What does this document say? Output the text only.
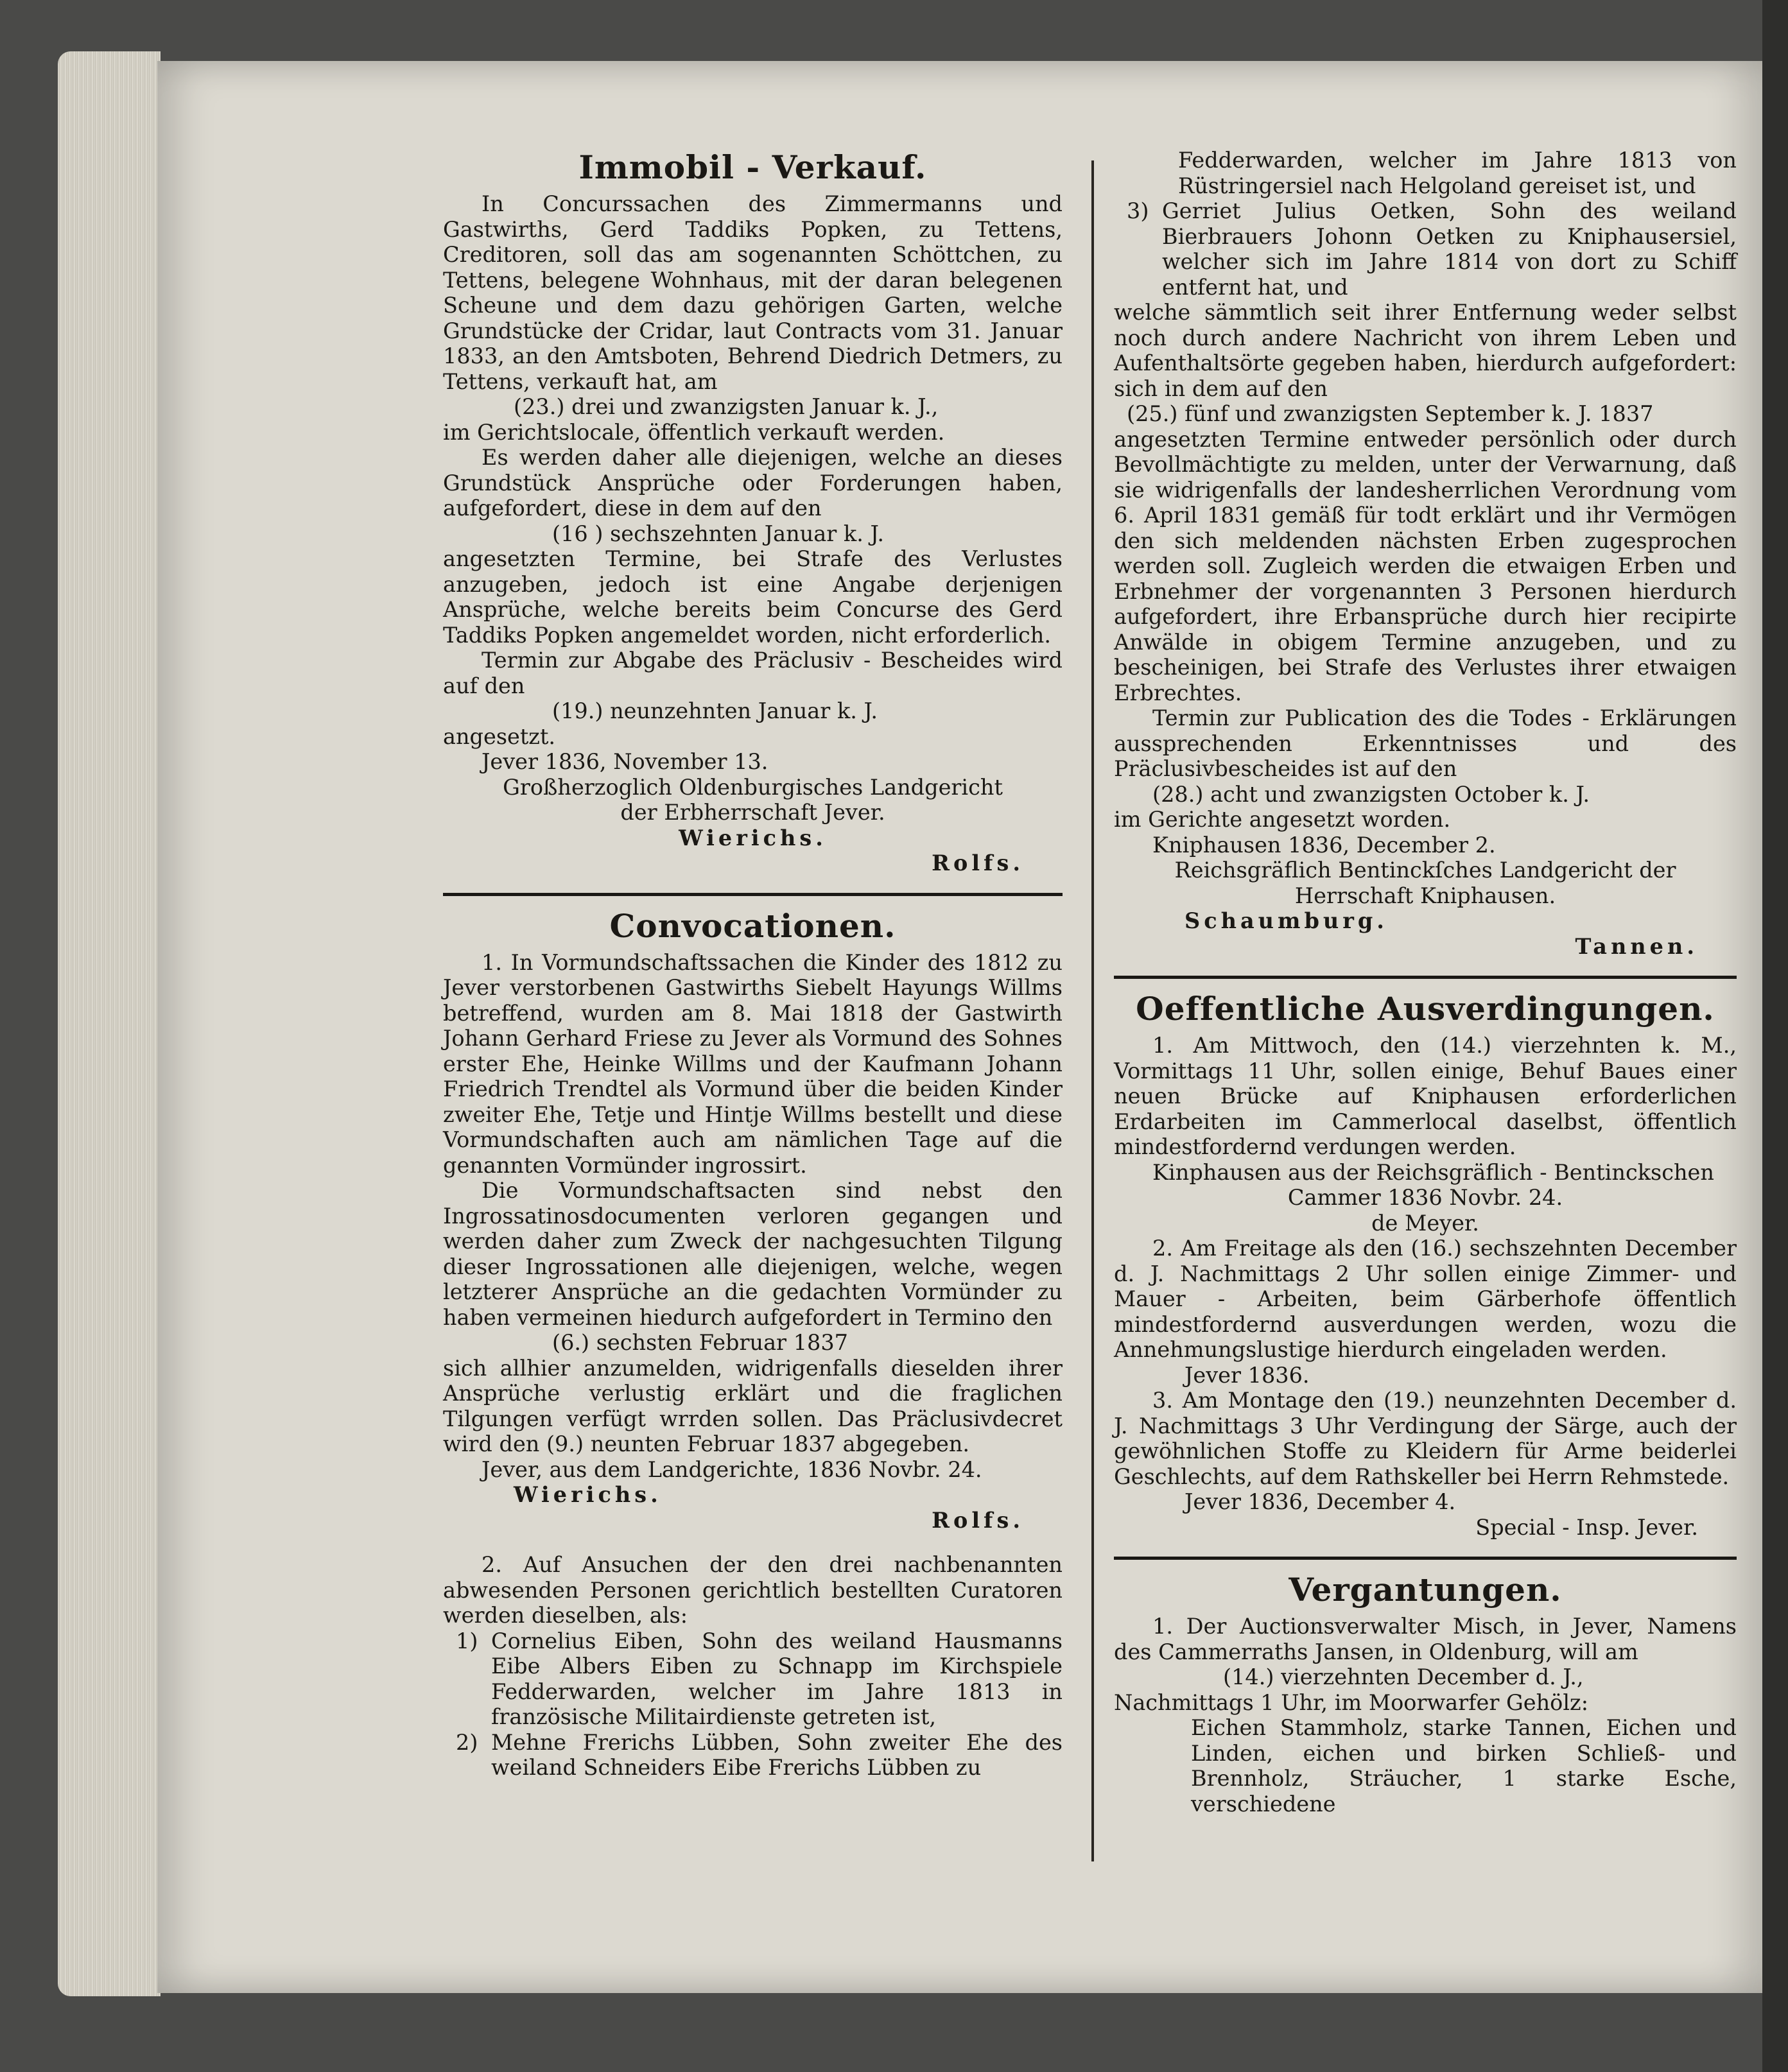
Immobil - Verkauf.

In Concurssachen des Zimmermanns und Gastwirths, Gerd Taddiks Popken, zu Tettens, Creditoren, soll das am sogenannten Schöttchen, zu Tettens, belegene Wohnhaus, mit der daran belegenen Scheune und dem dazu gehörigen Garten, welche Grundstücke der Cridar, laut Contracts vom 31. Januar 1833, an den Amtsboten, Behrend Diedrich Detmers, zu Tettens, verkauft hat, am

(23.) drei und zwanzigsten Januar k. J.,

im Gerichtslocale, öffentlich verkauft werden.

Es werden daher alle diejenigen, welche an dieses Grundstück Ansprüche oder Forderungen haben, aufgefordert, diese in dem auf den

(16 ) sechszehnten Januar k. J.

angesetzten Termine, bei Strafe des Verlustes anzugeben, jedoch ist eine Angabe derjenigen Ansprüche, welche bereits beim Concurse des Gerd Taddiks Popken angemeldet worden, nicht erforderlich.

Termin zur Abgabe des Präclusiv - Bescheides wird auf den

(19.) neunzehnten Januar k. J.

angesetzt.

Jever 1836, November 13.

Großherzoglich Oldenburgisches Landgericht

der Erbherrschaft Jever.

Wierichs.

Rolfs.

Convocationen.

1. In Vormundschaftssachen die Kinder des 1812 zu Jever verstorbenen Gastwirths Siebelt Hayungs Willms betreffend, wurden am 8. Mai 1818 der Gastwirth Johann Gerhard Friese zu Jever als Vormund des Sohnes erster Ehe, Heinke Willms und der Kaufmann Johann Friedrich Trendtel als Vormund über die beiden Kinder zweiter Ehe, Tetje und Hintje Willms bestellt und diese Vormundschaften auch am nämlichen Tage auf die genannten Vormünder ingrossirt.

Die Vormundschaftsacten sind nebst den Ingrossatinosdocumenten verloren gegangen und werden daher zum Zweck der nachgesuchten Tilgung dieser Ingrossationen alle diejenigen, welche, wegen letzterer Ansprüche an die gedachten Vormünder zu haben vermeinen hiedurch aufgefordert in Termino den

(6.) sechsten Februar 1837

sich allhier anzumelden, widrigenfalls dieselden ihrer Ansprüche verlustig erklärt und die fraglichen Tilgungen verfügt wrrden sollen. Das Präclusivdecret wird den (9.) neunten Februar 1837 abgegeben.

Jever, aus dem Landgerichte, 1836 Novbr. 24.

Wierichs.

Rolfs.

2. Auf Ansuchen der den drei nachbenannten abwesenden Personen gerichtlich bestellten Curatoren werden dieselben, als:

1) Cornelius Eiben, Sohn des weiland Hausmanns Eibe Albers Eiben zu Schnapp im Kirchspiele Fedderwarden, welcher im Jahre 1813 in französische Militairdienste getreten ist,
2) Mehne Frerichs Lübben, Sohn zweiter Ehe des weiland Schneiders Eibe Frerichs Lübben zu

Fedderwarden, welcher im Jahre 1813 von Rüstringersiel nach Helgoland gereiset ist, und

3) Gerriet Julius Oetken, Sohn des weiland Bierbrauers Johonn Oetken zu Kniphausersiel, welcher sich im Jahre 1814 von dort zu Schiff entfernt hat, und

welche sämmtlich seit ihrer Entfernung weder selbst noch durch andere Nachricht von ihrem Leben und Aufenthaltsörte gegeben haben, hierdurch aufgefordert: sich in dem auf den

(25.) fünf und zwanzigsten September k. J. 1837

angesetzten Termine entweder persönlich oder durch Bevollmächtigte zu melden, unter der Verwarnung, daß sie widrigenfalls der landesherrlichen Verordnung vom 6. April 1831 gemäß für todt erklärt und ihr Vermögen den sich meldenden nächsten Erben zugesprochen werden soll. Zugleich werden die etwaigen Erben und Erbnehmer der vorgenannten 3 Personen hierdurch aufgefordert, ihre Erbansprüche durch hier recipirte Anwälde in obigem Termine anzugeben, und zu bescheinigen, bei Strafe des Verlustes ihrer etwaigen Erbrechtes.

Termin zur Publication des die Todes - Erklärungen aussprechenden Erkenntnisses und des Präclusivbescheides ist auf den

(28.) acht und zwanzigsten October k. J.

im Gerichte angesetzt worden.

Kniphausen 1836, December 2.

Reichsgräflich Bentinckſches Landgericht der

Herrschaft Kniphausen.

Schaumburg.

Tannen.

Oeffentliche Ausverdingungen.

1. Am Mittwoch, den (14.) vierzehnten k. M., Vormittags 11 Uhr, sollen einige, Behuf Baues einer neuen Brücke auf Kniphausen erforderlichen Erdarbeiten im Cammerlocal daselbst, öffentlich mindestfordernd verdungen werden.

Kinphausen aus der Reichsgräflich - Bentinckschen

Cammer 1836 Novbr. 24.

de Meyer.

2. Am Freitage als den (16.) sechszehnten December d. J. Nachmittags 2 Uhr sollen einige Zimmer- und Mauer - Arbeiten, beim Gärberhofe öffentlich mindestfordernd ausverdungen werden, wozu die Annehmungslustige hierdurch eingeladen werden.

Jever 1836.

3. Am Montage den (19.) neunzehnten December d. J. Nachmittags 3 Uhr Verdingung der Särge, auch der gewöhnlichen Stoffe zu Kleidern für Arme beiderlei Geschlechts, auf dem Rathskeller bei Herrn Rehmstede.

Jever 1836, December 4.

Special - Insp. Jever.

Vergantungen.

1. Der Auctionsverwalter Misch, in Jever, Namens des Cammerraths Jansen, in Oldenburg, will am

(14.) vierzehnten December d. J.,

Nachmittags 1 Uhr, im Moorwarfer Gehölz:

Eichen Stammholz, starke Tannen, Eichen und Linden, eichen und birken Schließ- und Brennholz, Sträucher, 1 starke Esche, verschiedene
